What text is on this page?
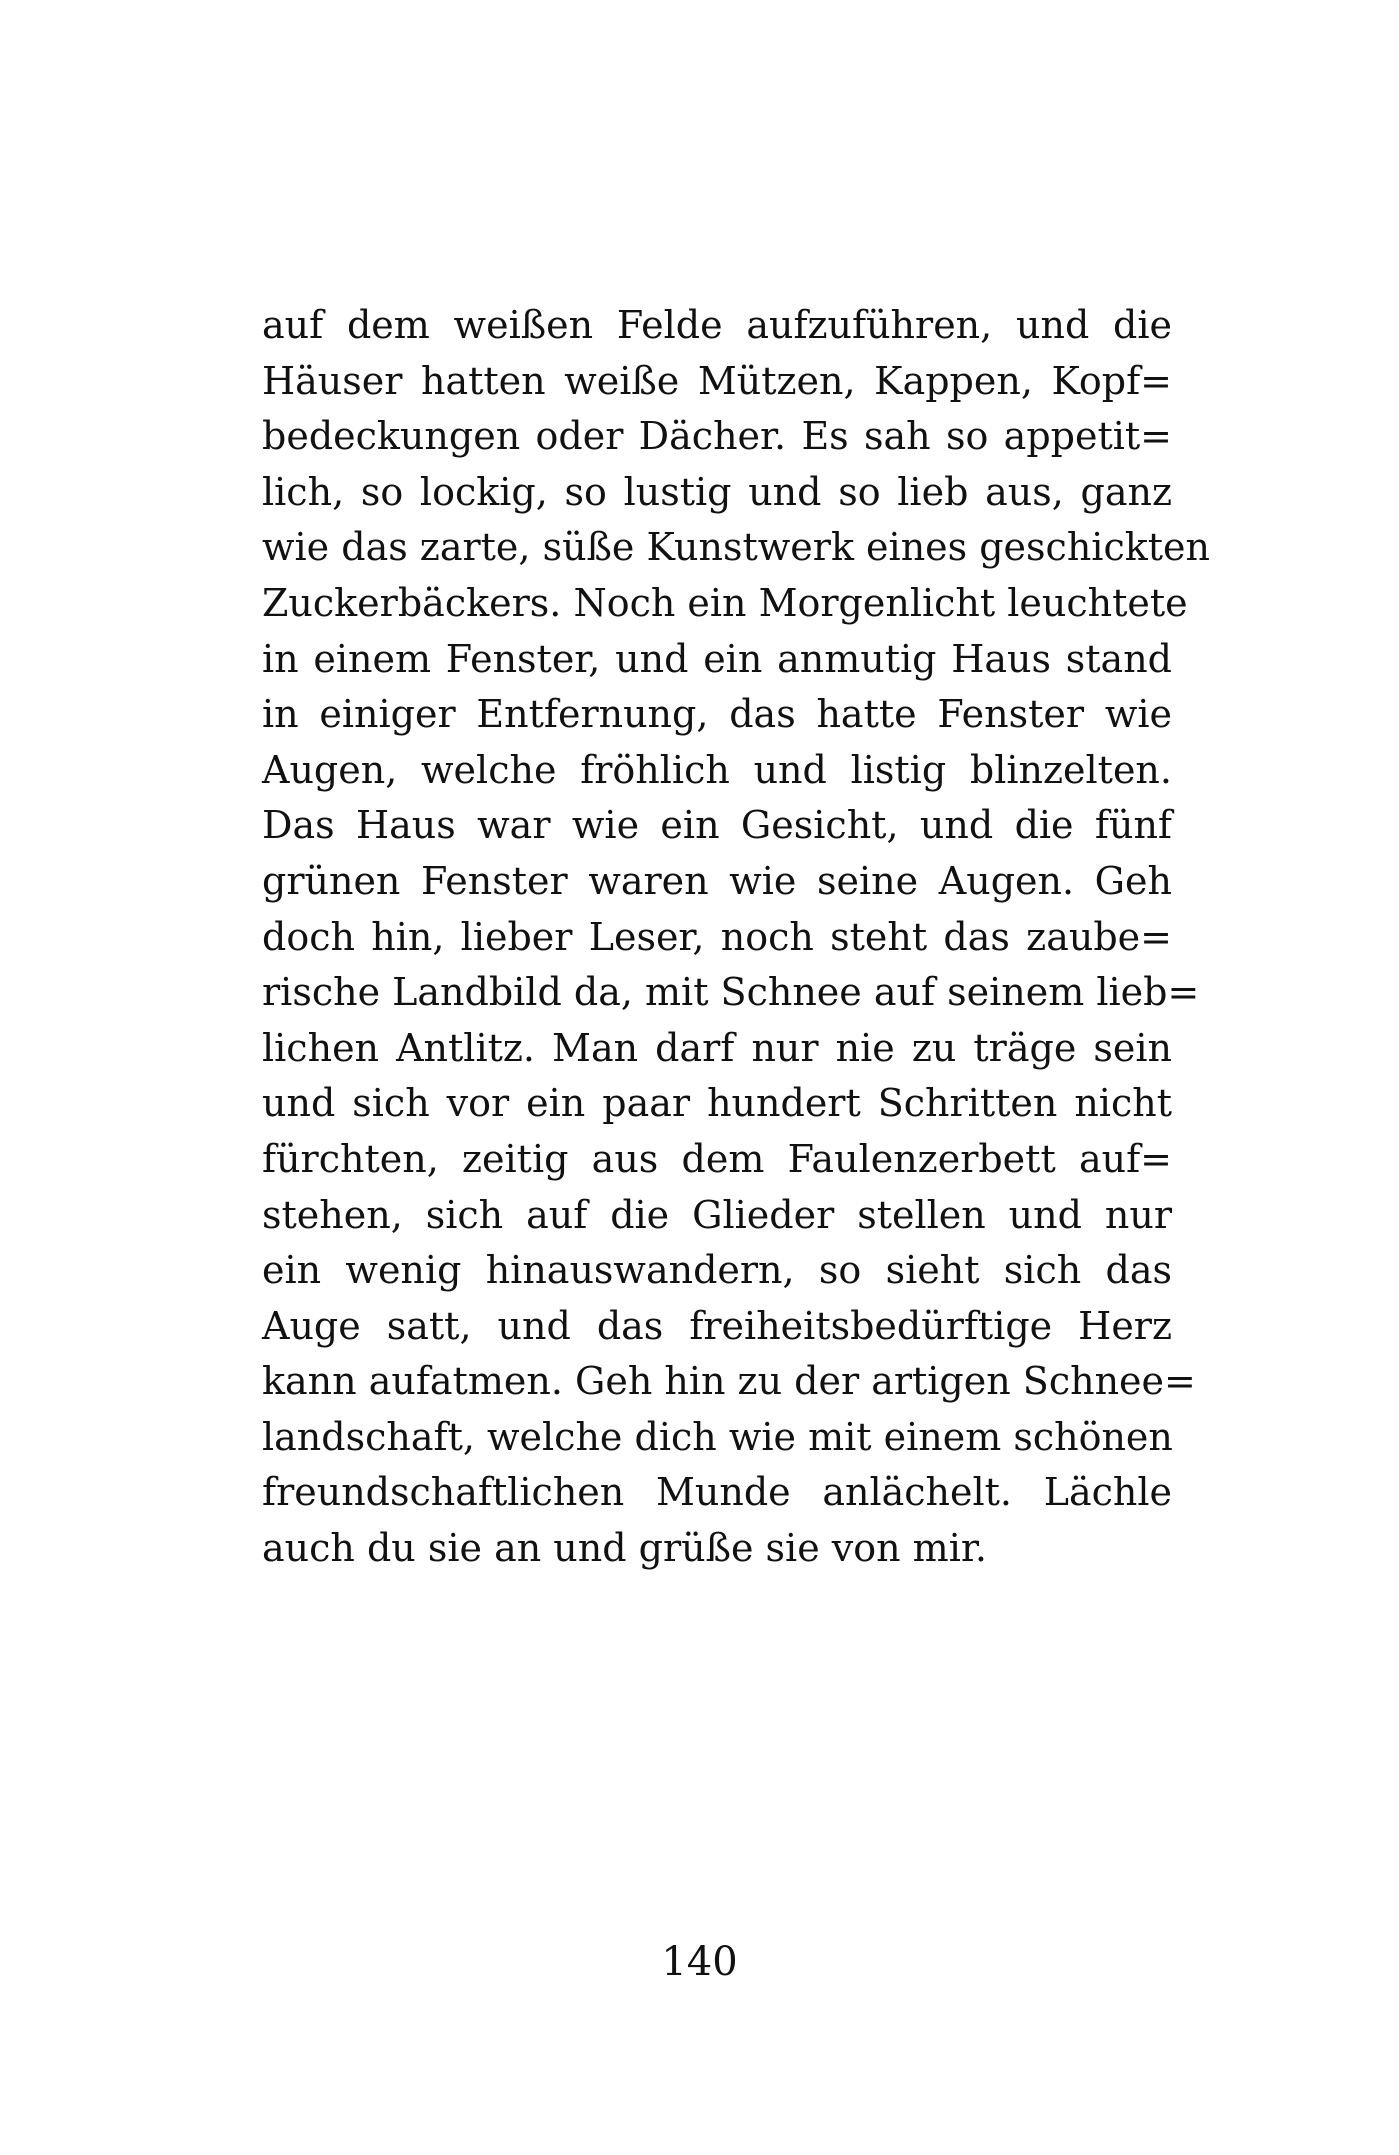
auf dem weißen Felde aufzuführen, und die
Häuser hatten weiße Mützen, Kappen, Kopf=
bedeckungen oder Dächer. Es sah so appetit=
lich, so lockig, so lustig und so lieb aus, ganz
wie das zarte, süße Kunstwerk eines geschickten
Zuckerbäckers. Noch ein Morgenlicht leuchtete
in einem Fenster, und ein anmutig Haus stand
in einiger Entfernung, das hatte Fenster wie
Augen, welche fröhlich und listig blinzelten.
Das Haus war wie ein Gesicht, und die fünf
grünen Fenster waren wie seine Augen. Geh
doch hin, lieber Leser, noch steht das zaube=
rische Landbild da, mit Schnee auf seinem lieb=
lichen Antlitz. Man darf nur nie zu träge sein
und sich vor ein paar hundert Schritten nicht
fürchten, zeitig aus dem Faulenzerbett auf=
stehen, sich auf die Glieder stellen und nur
ein wenig hinauswandern, so sieht sich das
Auge satt, und das freiheitsbedürftige Herz
kann aufatmen. Geh hin zu der artigen Schnee=
landschaft, welche dich wie mit einem schönen
freundschaftlichen Munde anlächelt. Lächle
auch du sie an und grüße sie von mir.
140
